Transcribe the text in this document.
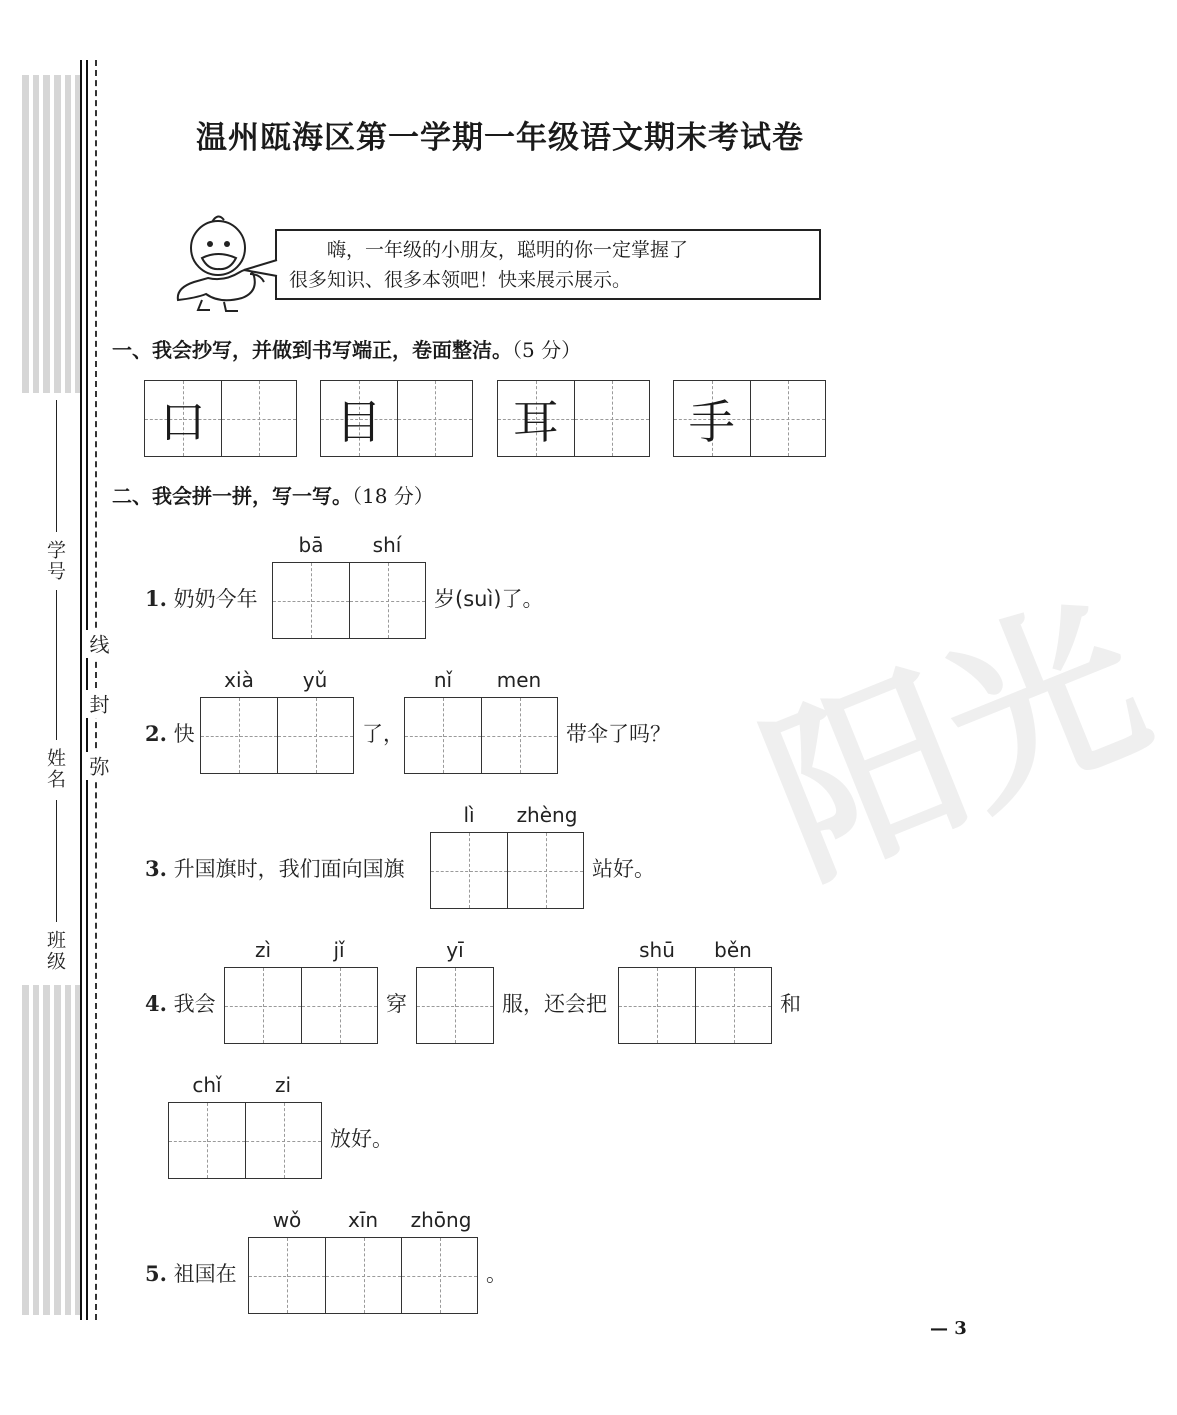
阳光
学号
姓名
班级
线
封
弥
温州瓯海区第一学期一年级语文期末考试卷
嗨，一年级的小朋友，聪明的你一定掌握了
很多知识、很多本领吧！快来展示展示。
一、我会抄写，并做到书写端正，卷面整洁。（5 分）
口	目	耳	手
二、我会拼一拼，写一写。（18 分）
bā	shí
1. 奶奶今年	岁(suì)了。
xià	yǔ	nǐ	men
2. 快	了，	带伞了吗？
lì	zhèng
3. 升国旗时，我们面向国旗	站好。
zì	jǐ	yī	shū	běn
4. 我会	穿	服，还会把	和
chǐ	zi
放好。
wǒ	xīn	zhōng
5. 祖国在	。
— 3
